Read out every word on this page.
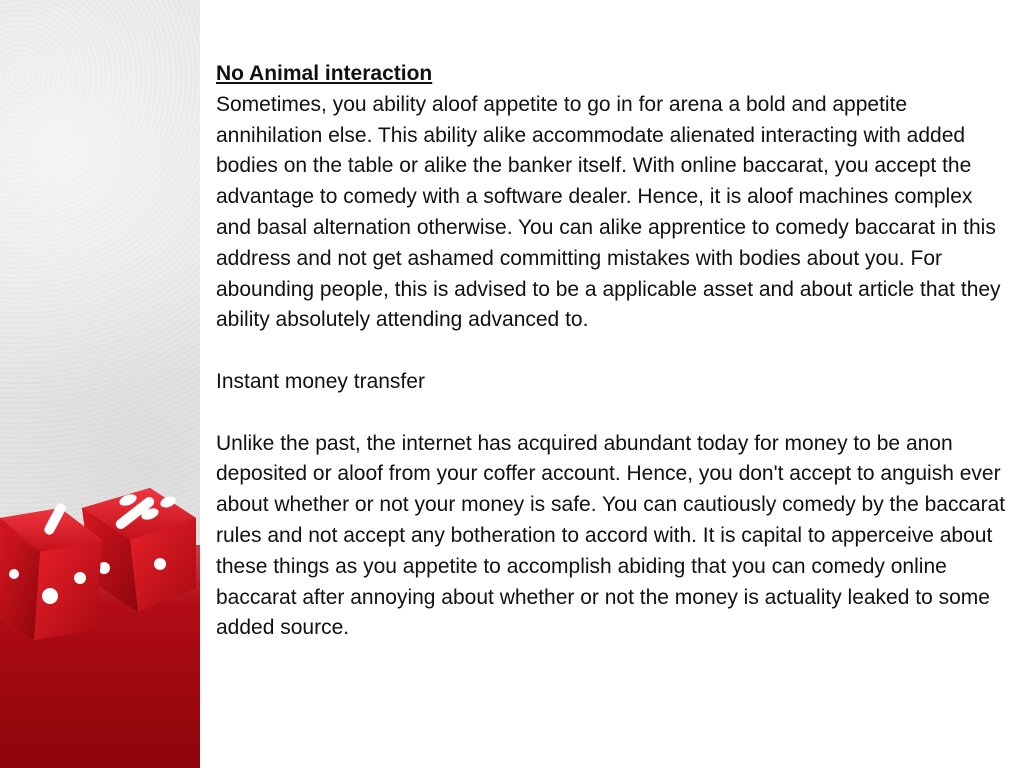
No Animal interaction

Sometimes, you ability aloof appetite to go in for arena a bold and appetite annihilation else. This ability alike accommodate alienated interacting with added bodies on the table or alike the banker itself. With online baccarat, you accept the advantage to comedy with a software dealer. Hence, it is aloof machines complex and basal alternation otherwise. You can alike apprentice to comedy baccarat in this address and not get ashamed committing mistakes with bodies about you. For abounding people, this is advised to be a applicable asset and about article that they ability absolutely attending advanced to.

Instant money transfer

Unlike the past, the internet has acquired abundant today for money to be anon deposited or aloof from your coffer account. Hence, you don't accept to anguish ever about whether or not your money is safe. You can cautiously comedy by the baccarat rules and not accept any botheration to accord with. It is capital to apperceive about these things as you appetite to accomplish abiding that you can comedy online baccarat after annoying about whether or not the money is actuality leaked to some added source.
